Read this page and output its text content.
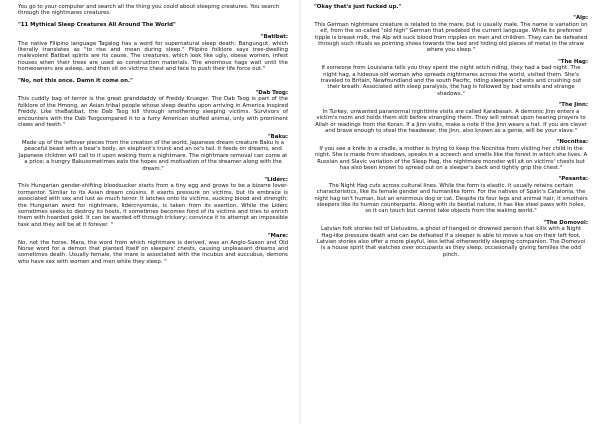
You go to your computer and search all the thing you could about sleeping creatures. You search through the nightmares creatures.

"11 Mythical Sleep Creatures All Around The World"

"Batibat:

The native Filipino language Tagalog has a word for supernatural sleep death: Bangungut, which literally translates as "to rise and moan during sleep." Filipino folklore says tree-dwelling malevolent Batibat spirits are its cause. The creatures, which look like ugly, obese women, infest houses when their trees are used as construction materials. The enormous hags wait until the homeowners are asleep, and then sit on victims chest and face to push their life force out."

"No, not this once. Damn it come on."

"Dab Tsog:

This cuddly bag of terror is the great granddaddy of Freddy Krueger. The Dab Tsog is part of the folklore of the Hmong, an Asian tribal people whose sleep deaths upon arriving in America inspired Freddy. Like theBatibat, the Dab Tsog kill through smothering sleeping victims. Survivors of encounters with the Dab Tsogcompared it to a furry American stuffed animal, only with prominent claws and teeth."

"Baku:

Made up of the leftover pieces from the creation of the world, Japanese dream creature Baku is a peaceful beast with a bear's body, an elephant's trunk and an ox's tail. It feeds on dreams, and Japanese children will call to it upon waking from a nightmare. The nightmare removal can come at a price: a hungry Bakusometimes eats the hopes and motivation of the dreamer along with the dream."

"Lidérc:

This Hungarian gender-shifting bloodsucker starts from a tiny egg and grows to be a bizarre lover-tormentor. Similar to its Asian dream cousins, it exerts pressure on victims, but its embrace is associated with sex and lust as much terror. It latches onto its victims, sucking blood and strength; the Hungarian word for nightmare, lidércnyomás, is taken from its exertion. While the Lidérc sometimes seeks to destroy its hosts, it sometimes becomes fond of its victims and tries to enrich them with hoarded gold. It can be warded off through trickery; convince it to attempt an impossible task and they will be at it forever. "

"Mare:

No, not the horse. Mara, the word from which nightmare is derived, was an Anglo-Saxon and Old Norse word for a demon that planted itself on sleepers' chests, causing unpleasant dreams and sometimes death. Usually female, the mare is associated with the incubus and succubus, demons who have sex with women and men while they sleep. "

"Okay that's just fucked up."

"Alp:

This German nightmare creature is related to the mare, but is usually male. The name is variation on elf, from the so-called "old high" German that predated the current language. While its preferred tipple is breast milk, the Alp will suck blood from nipples on men and children. They can be defeated through such rituals as pointing shoes towards the bed and hiding old pieces of metal in the straw where you sleep."

"The Hag:

If someone from Louisiana tells you they spent the night witch riding, they had a bad night. The night hag, a hideous old woman who spreads nightmares across the world, visited them. She's traveled to Britain, Newfoundland and the south Pacific, riding sleepers' chests and crushing out their breath. Associated with sleep paralysis, the hag is followed by bad smells and strange shadows."

"The Jinn:

In Turkey, unwanted paranormal nighttime visits are called Karabasan. A demonic Jinn enters a victim's room and holds them still before strangling them. They will retreat upon hearing prayers to Allah or readings from the Koran. If a Jinn visits, make a note if the Jinn wears a hat. If you are clever and brave enough to steal the headwear, the Jinn, also known as a genie, will be your slave."

"Nocnitsa:

If you see a knife in a cradle, a mother is trying to keep the Nocnitsa from visiting her child in the night. She is made from shadows, speaks in a screech and smells like the forest in which she lives. A Russian and Slavic variation of the Sleep Hag, the nightmare monster will sit on victims' chests but has also been known to spread out on a sleeper's back and tightly grip the chest."

"Pesanta:

The Night Hag cuts across cultural lines. While the form is elastic, it usually retains certain characteristics, like its female gender and humanlike form. For the natives of Spain's Catalonia, the night hag isn't human, but an enormous dog or cat. Despite its four legs and animal hair, it smothers sleepers like its human counterparts. Along with its bestial nature, it has like steel paws with holes, so it can touch but cannot take objects from the waking world."

"The Domovoi:

Latvian folk stories tell of Lietuvēns, a ghost of hanged or drowned person that kills with a Night Hag-like pressure death and can be defeated if a sleeper is able to move a toe on their left foot. Latvian stories also offer a more playful, less lethal otherworldly sleeping companion. The Domovoi is a house spirit that watches over occupants as they sleep, occasionally giving families the odd pinch.
